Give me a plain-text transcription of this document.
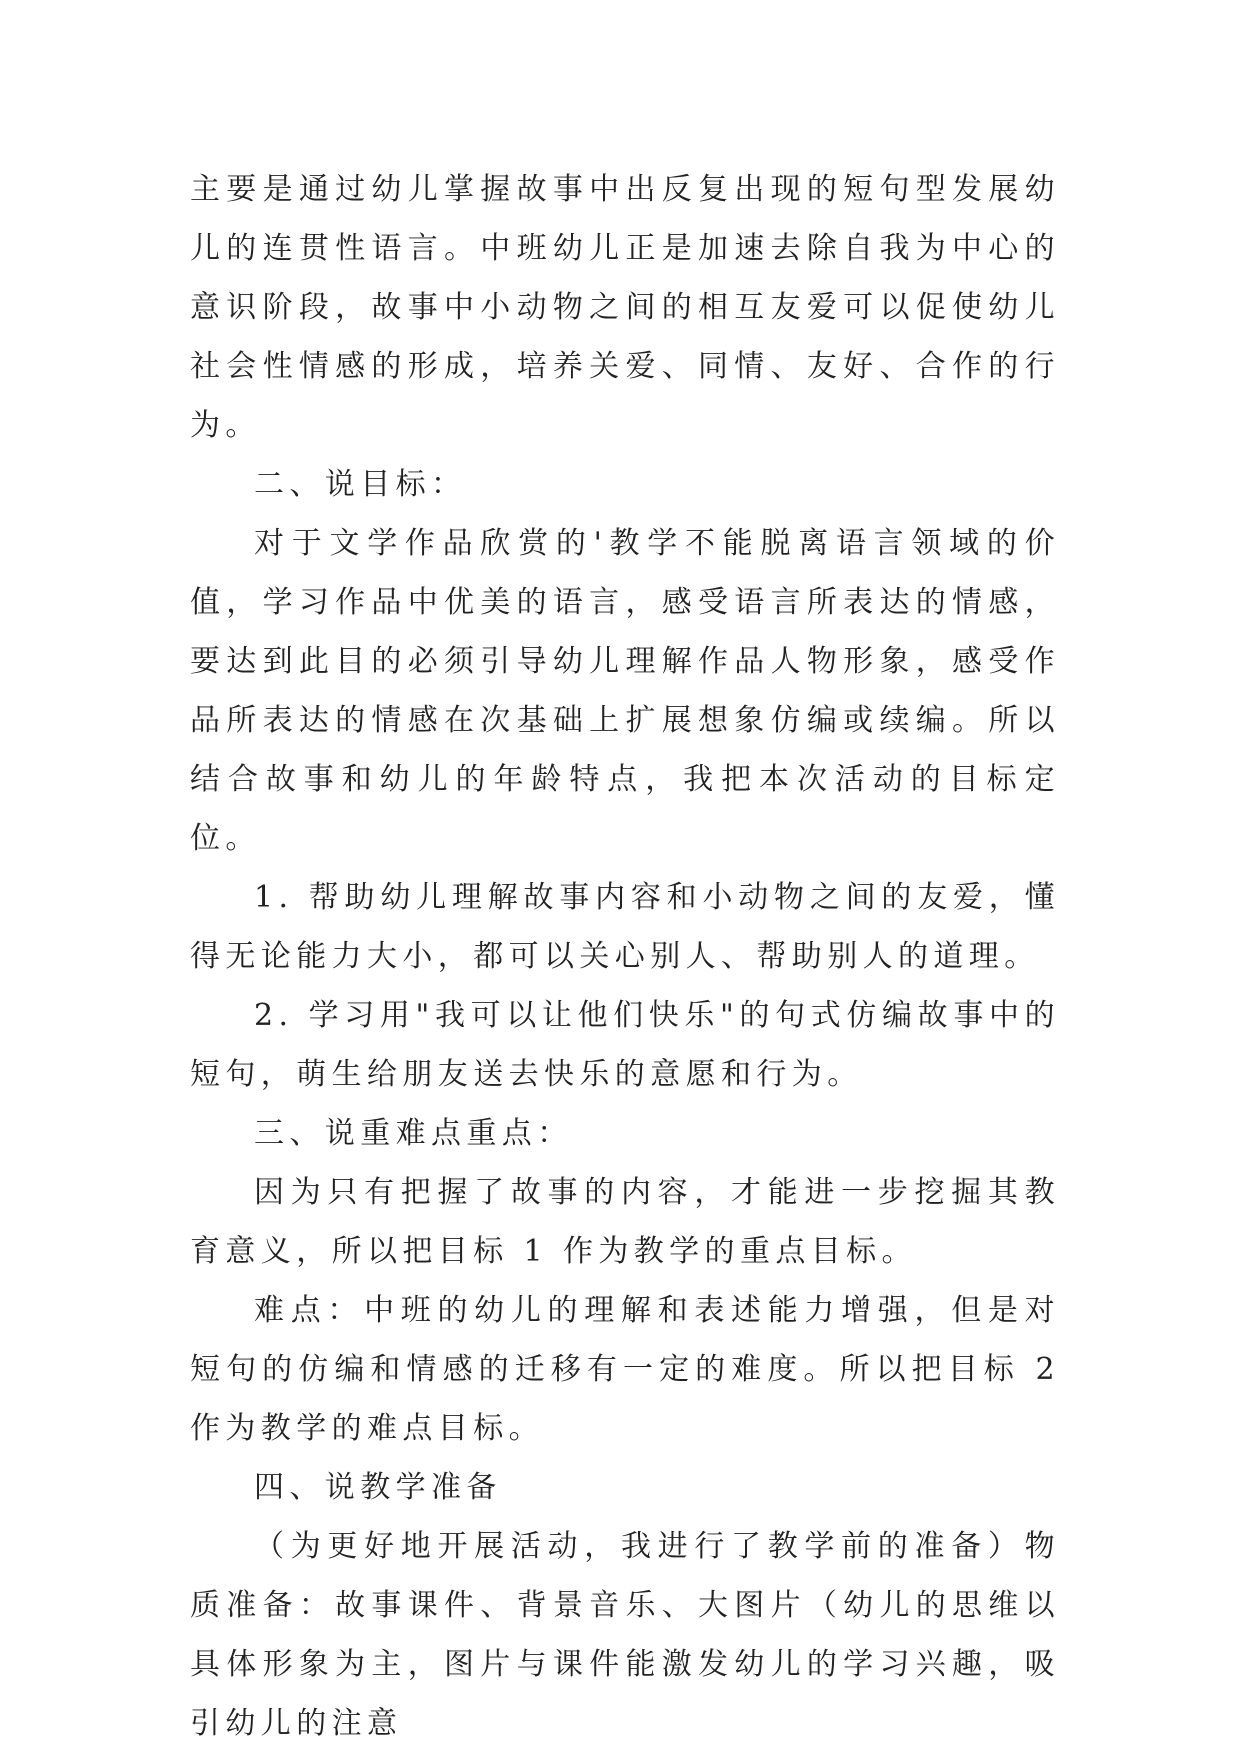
主要是通过幼儿掌握故事中出反复出现的短句型发展幼儿的连贯性语言。中班幼儿正是加速去除自我为中心的意识阶段，故事中小动物之间的相互友爱可以促使幼儿社会性情感的形成，培养关爱、同情、友好、合作的行为。

二、说目标：

对于文学作品欣赏的'教学不能脱离语言领域的价值，学习作品中优美的语言，感受语言所表达的情感，要达到此目的必须引导幼儿理解作品人物形象，感受作品所表达的情感在次基础上扩展想象仿编或续编。所以结合故事和幼儿的年龄特点，我把本次活动的目标定位。

1. 帮助幼儿理解故事内容和小动物之间的友爱，懂得无论能力大小，都可以关心别人、帮助别人的道理。

2. 学习用"我可以让他们快乐"的句式仿编故事中的短句，萌生给朋友送去快乐的意愿和行为。

三、说重难点重点：

因为只有把握了故事的内容，才能进一步挖掘其教育意义，所以把目标 1 作为教学的重点目标。

难点：中班的幼儿的理解和表述能力增强，但是对短句的仿编和情感的迁移有一定的难度。所以把目标 2 作为教学的难点目标。

四、说教学准备

（为更好地开展活动，我进行了教学前的准备）物质准备：故事课件、背景音乐、大图片（幼儿的思维以具体形象为主，图片与课件能激发幼儿的学习兴趣，吸引幼儿的注意
